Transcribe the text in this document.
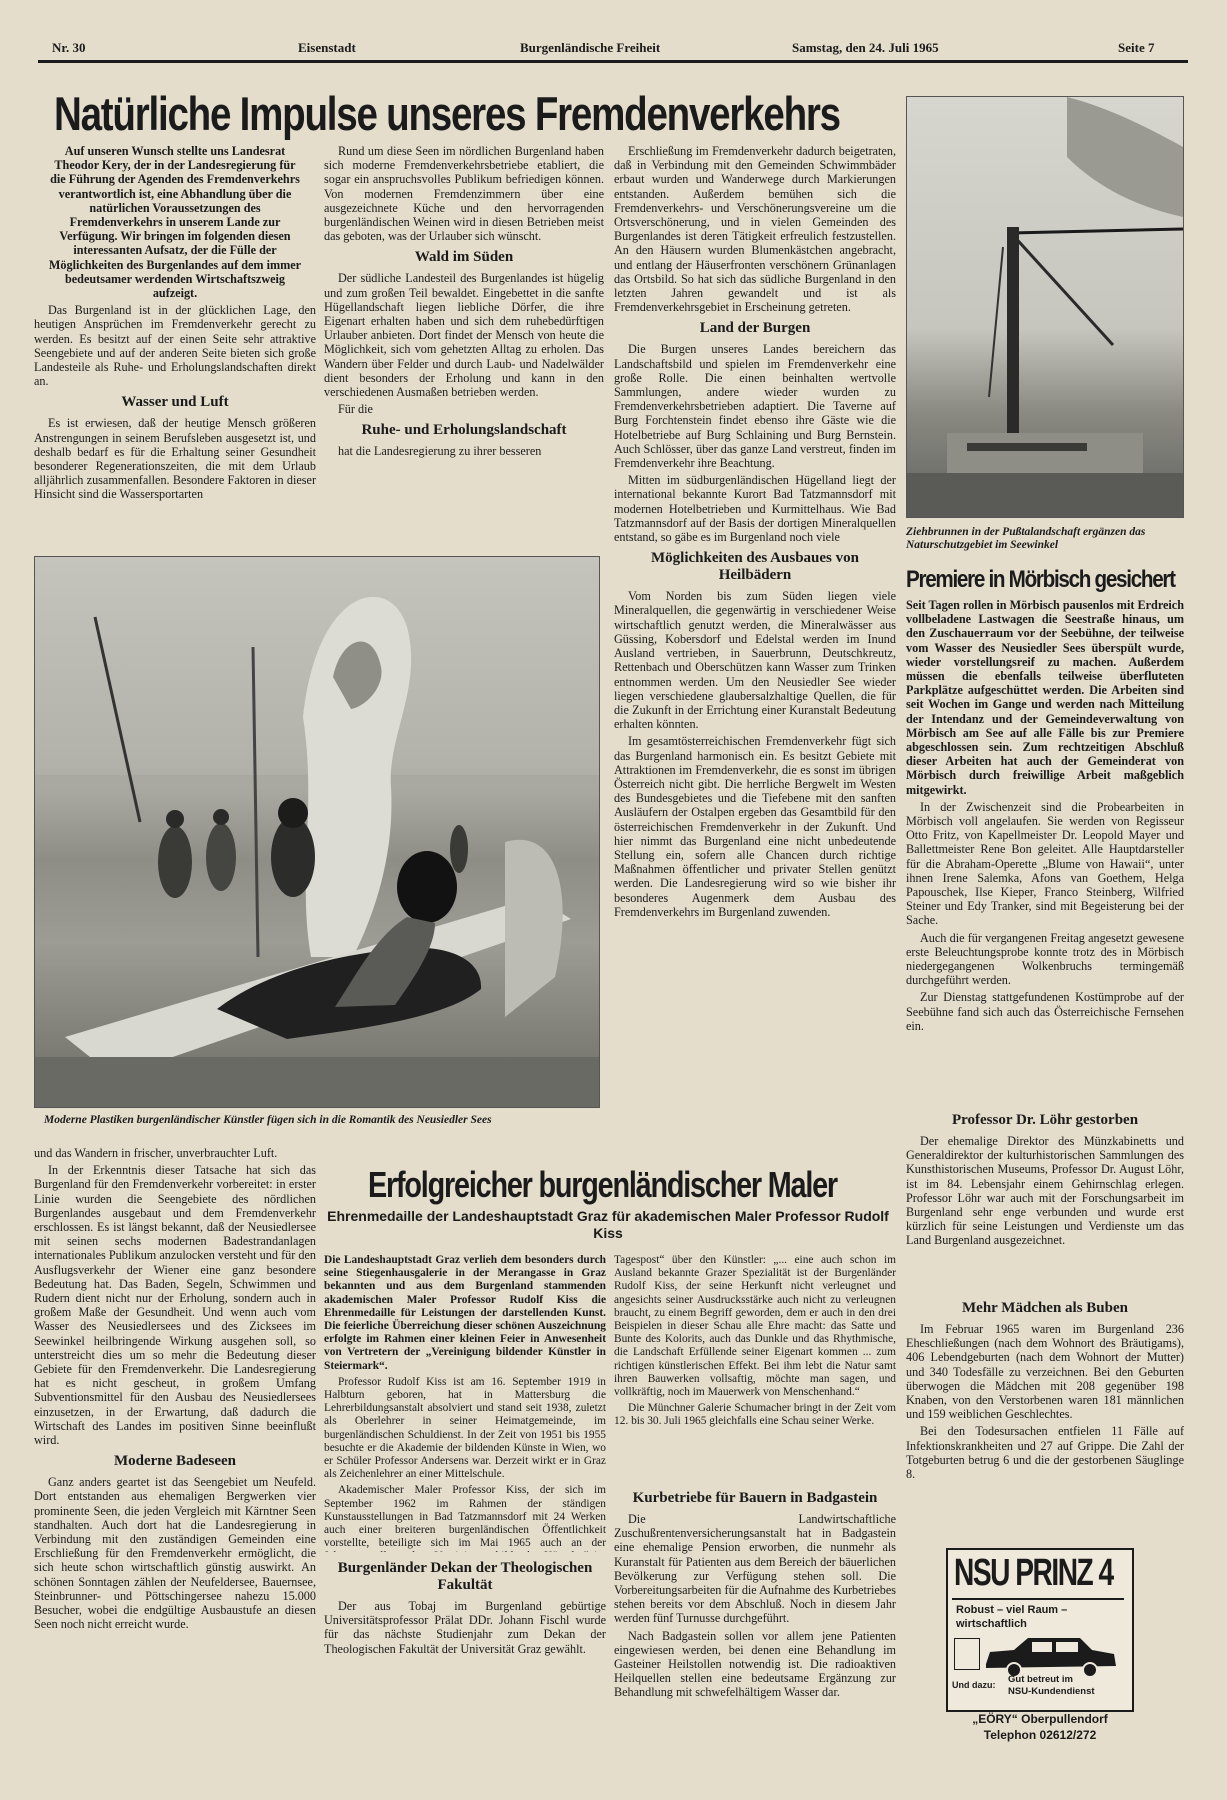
Nr. 30	Eisenstadt	Burgenländische Freiheit	Samstag, den 24. Juli 1965	Seite 7
Natürliche Impulse unseres Fremdenverkehrs

Auf unseren Wunsch stellte uns Landesrat Theodor Kery, der in der Landesregierung für die Führung der Agenden des Fremdenverkehrs verantwortlich ist, eine Abhandlung über die natürlichen Voraussetzungen des Fremdenverkehrs in unserem Lande zur Verfügung. Wir bringen im folgenden diesen interessanten Aufsatz, der die Fülle der Möglichkeiten des Burgenlandes auf dem immer bedeutsamer werdenden Wirtschaftszweig aufzeigt.

Das Burgenland ist in der glücklichen Lage, den heutigen Ansprüchen im Fremdenverkehr gerecht zu werden. Es besitzt auf der einen Seite sehr attraktive Seengebiete und auf der anderen Seite bieten sich große Landesteile als Ruhe- und Erholungslandschaften direkt an.

Wasser und Luft

Es ist erwiesen, daß der heutige Mensch größeren Anstrengungen in seinem Berufsleben ausgesetzt ist, und deshalb bedarf es für die Erhaltung seiner Gesundheit besonderer Regenerationszeiten, die mit dem Urlaub alljährlich zusammenfallen. Besondere Faktoren in dieser Hinsicht sind die Wassersportarten

Rund um diese Seen im nördlichen Burgenland haben sich moderne Fremdenverkehrsbetriebe etabliert, die sogar ein anspruchsvolles Publikum befriedigen können. Von modernen Fremdenzimmern über eine ausgezeichnete Küche und den hervorragenden burgenländischen Weinen wird in diesen Betrieben meist das geboten, was der Urlauber sich wünscht.

Wald im Süden

Der südliche Landesteil des Burgenlandes ist hügelig und zum großen Teil bewaldet. Eingebettet in die sanfte Hügellandschaft liegen liebliche Dörfer, die ihre Eigenart erhalten haben und sich dem ruhebedürftigen Urlauber anbieten. Dort findet der Mensch von heute die Möglichkeit, sich vom gehetzten Alltag zu erholen. Das Wandern über Felder und durch Laub- und Nadelwälder dient besonders der Erholung und kann in den verschiedenen Ausmaßen betrieben werden.

Für die

Ruhe- und Erholungslandschaft

hat die Landesregierung zu ihrer besseren

Erschließung im Fremdenverkehr dadurch beigetraten, daß in Verbindung mit den Gemeinden Schwimmbäder erbaut wurden und Wanderwege durch Markierungen entstanden. Außerdem bemühen sich die Fremdenverkehrs- und Verschönerungsvereine um die Ortsverschönerung, und in vielen Gemeinden des Burgenlandes ist deren Tätigkeit erfreulich festzustellen. An den Häusern wurden Blumenkästchen angebracht, und entlang der Häuserfronten verschönern Grünanlagen das Ortsbild. So hat sich das südliche Burgenland in den letzten Jahren gewandelt und ist als Fremdenverkehrsgebiet in Erscheinung getreten.

Land der Burgen

Die Burgen unseres Landes bereichern das Landschaftsbild und spielen im Fremdenverkehr eine große Rolle. Die einen beinhalten wertvolle Sammlungen, andere wieder wurden zu Fremdenverkehrsbetrieben adaptiert. Die Taverne auf Burg Forchtenstein findet ebenso ihre Gäste wie die Hotelbetriebe auf Burg Schlaining und Burg Bernstein. Auch Schlösser, über das ganze Land verstreut, finden im Fremdenverkehr ihre Beachtung.

Mitten im südburgenländischen Hügelland liegt der international bekannte Kurort Bad Tatzmannsdorf mit modernen Hotelbetrieben und Kurmittelhaus. Wie Bad Tatzmannsdorf auf der Basis der dortigen Mineralquellen entstand, so gäbe es im Burgenland noch viele

Möglichkeiten des Ausbaues von Heilbädern

Vom Norden bis zum Süden liegen viele Mineralquellen, die gegenwärtig in verschiedener Weise wirtschaftlich genutzt werden, die Mineralwässer aus Güssing, Kobersdorf und Edelstal werden im Inund Ausland vertrieben, in Sauerbrunn, Deutschkreutz, Rettenbach und Oberschützen kann Wasser zum Trinken entnommen werden. Um den Neusiedler See wieder liegen verschiedene glaubersalzhaltige Quellen, die für die Zukunft in der Errichtung einer Kuranstalt Bedeutung erhalten könnten.

Im gesamtösterreichischen Fremdenverkehr fügt sich das Burgenland harmonisch ein. Es besitzt Gebiete mit Attraktionen im Fremdenverkehr, die es sonst im übrigen Österreich nicht gibt. Die herrliche Bergwelt im Westen des Bundesgebietes und die Tiefebene mit den sanften Ausläufern der Ostalpen ergeben das Gesamtbild für den österreichischen Fremdenverkehr in der Zukunft. Und hier nimmt das Burgenland eine nicht unbedeutende Stellung ein, sofern alle Chancen durch richtige Maßnahmen öffentlicher und privater Stellen genützt werden. Die Landesregierung wird so wie bisher ihr besonderes Augenmerk dem Ausbau des Fremdenverkehrs im Burgenland zuwenden.

Moderne Plastiken burgenländischer Künstler fügen sich in die Romantik des Neusiedler Sees
Ziehbrunnen in der Pußtalandschaft ergänzen das Naturschutzgebiet im Seewinkel
Premiere in Mörbisch gesichert

Seit Tagen rollen in Mörbisch pausenlos mit Erdreich vollbeladene Lastwagen die Seestraße hinaus, um den Zuschauerraum vor der Seebühne, der teilweise vom Wasser des Neusiedler Sees überspült wurde, wieder vorstellungsreif zu machen. Außerdem müssen die ebenfalls teilweise überfluteten Parkplätze aufgeschüttet werden. Die Arbeiten sind seit Wochen im Gange und werden nach Mitteilung der Intendanz und der Gemeindeverwaltung von Mörbisch am See auf alle Fälle bis zur Premiere abgeschlossen sein. Zum rechtzeitigen Abschluß dieser Arbeiten hat auch der Gemeinderat von Mörbisch durch freiwillige Arbeit maßgeblich mitgewirkt.

In der Zwischenzeit sind die Probearbeiten in Mörbisch voll angelaufen. Sie werden von Regisseur Otto Fritz, von Kapellmeister Dr. Leopold Mayer und Ballettmeister Rene Bon geleitet. Alle Hauptdarsteller für die Abraham-Operette „Blume von Hawaii“, unter ihnen Irene Salemka, Afons van Goethem, Helga Papouschek, Ilse Kieper, Franco Steinberg, Wilfried Steiner und Edy Tranker, sind mit Begeisterung bei der Sache.

Auch die für vergangenen Freitag angesetzt gewesene erste Beleuchtungsprobe konnte trotz des in Mörbisch niedergegangenen Wolkenbruchs termingemäß durchgeführt werden.

Zur Dienstag stattgefundenen Kostümprobe auf der Seebühne fand sich auch das Österreichische Fernsehen ein.

Professor Dr. Löhr gestorben

Der ehemalige Direktor des Münzkabinetts und Generaldirektor der kulturhistorischen Sammlungen des Kunsthistorischen Museums, Professor Dr. August Löhr, ist im 84. Lebensjahr einem Gehirnschlag erlegen. Professor Löhr war auch mit der Forschungsarbeit im Burgenland sehr enge verbunden und wurde erst kürzlich für seine Leistungen und Verdienste um das Land Burgenland ausgezeichnet.

Mehr Mädchen als Buben

Im Februar 1965 waren im Burgenland 236 Eheschließungen (nach dem Wohnort des Bräutigams), 406 Lebendgeburten (nach dem Wohnort der Mutter) und 340 Todesfälle zu verzeichnen. Bei den Geburten überwogen die Mädchen mit 208 gegenüber 198 Knaben, von den Verstorbenen waren 181 männlichen und 159 weiblichen Geschlechtes.

Bei den Todesursachen entfielen 11 Fälle auf Infektionskrankheiten und 27 auf Grippe. Die Zahl der Totgeburten betrug 6 und die der gestorbenen Säuglinge 8.

NSU PRINZ 4
Robust – viel Raum –
wirtschaftlich
Und dazu: Gut betreut im
NSU-Kundendienst
„EÖRY“ Oberpullendorf
Telephon 02612/272

und das Wandern in frischer, unverbrauchter Luft.

In der Erkenntnis dieser Tatsache hat sich das Burgenland für den Fremdenverkehr vorbereitet: in erster Linie wurden die Seengebiete des nördlichen Burgenlandes ausgebaut und dem Fremdenverkehr erschlossen. Es ist längst bekannt, daß der Neusiedlersee mit seinen sechs modernen Badestrandanlagen internationales Publikum anzulocken versteht und für den Ausflugsverkehr der Wiener eine ganz besondere Bedeutung hat. Das Baden, Segeln, Schwimmen und Rudern dient nicht nur der Erholung, sondern auch in großem Maße der Gesundheit. Und wenn auch vom Wasser des Neusiedlersees und des Zicksees im Seewinkel heilbringende Wirkung ausgehen soll, so unterstreicht dies um so mehr die Bedeutung dieser Gebiete für den Fremdenverkehr. Die Landesregierung hat es nicht gescheut, in großem Umfang Subventionsmittel für den Ausbau des Neusiedlersees einzusetzen, in der Erwartung, daß dadurch die Wirtschaft des Landes im positiven Sinne beeinflußt wird.

Moderne Badeseen

Ganz anders geartet ist das Seengebiet um Neufeld. Dort entstanden aus ehemaligen Bergwerken vier prominente Seen, die jeden Vergleich mit Kärntner Seen standhalten. Auch dort hat die Landesregierung in Verbindung mit den zuständigen Gemeinden eine Erschließung für den Fremdenverkehr ermöglicht, die sich heute schon wirtschaftlich günstig auswirkt. An schönen Sonntagen zählen der Neufeldersee, Bauernsee, Steinbrunner- und Pöttschingersee nahezu 15.000 Besucher, wobei die endgültige Ausbaustufe an diesen Seen noch nicht erreicht wurde.

Erfolgreicher burgenländischer Maler
Ehrenmedaille der Landeshauptstadt Graz für akademischen Maler Professor Rudolf Kiss

Die Landeshauptstadt Graz verlieh dem besonders durch seine Stiegenhausgalerie in der Merangasse in Graz bekannten und aus dem Burgenland stammenden akademischen Maler Professor Rudolf Kiss die Ehrenmedaille für Leistungen der darstellenden Kunst. Die feierliche Überreichung dieser schönen Auszeichnung erfolgte im Rahmen einer kleinen Feier in Anwesenheit von Vertretern der „Vereinigung bildender Künstler in Steiermark“.

Professor Rudolf Kiss ist am 16. September 1919 in Halbturn geboren, hat in Mattersburg die Lehrerbildungsanstalt absolviert und stand seit 1938, zuletzt als Oberlehrer in seiner Heimatgemeinde, im burgenländischen Schuldienst. In der Zeit von 1951 bis 1955 besuchte er die Akademie der bildenden Künste in Wien, wo er Schüler Professor Andersens war. Derzeit wirkt er in Graz als Zeichenlehrer an einer Mittelschule.

Akademischer Maler Professor Kiss, der sich im September 1962 im Rahmen der ständigen Kunstausstellungen in Bad Tatzmannsdorf mit 24 Werken auch einer breiteren burgenländischen Öffentlichkeit vorstellte, beteiligte sich im Mai 1965 auch an der

Tagespost“ über den Künstler: „... eine auch schon im Ausland bekannte Grazer Spezialität ist der Burgenländer Rudolf Kiss, der seine Herkunft nicht verleugnet und angesichts seiner Ausdrucksstärke auch nicht zu verleugnen braucht, zu einem Begriff geworden, dem er auch in den drei Beispielen in dieser Schau alle Ehre macht: das Satte und Bunte des Kolorits, auch das Dunkle und das Rhythmische, die Landschaft Erfüllende seiner Eigenart kommen ... zum richtigen künstlerischen Effekt. Bei ihm lebt die Natur samt ihren Bauwerken vollsaftig, möchte man sagen, und vollkräftig, noch im Mauerwerk von Menschenhand.“

Die Münchner Galerie Schumacher bringt in der Zeit vom 12. bis 30. Juli 1965 gleichfalls eine Schau seiner Werke.

Burgenländer Dekan der Theologischen Fakultät

Der aus Tobaj im Burgenland gebürtige Universitätsprofessor Prälat DDr. Johann Fischl wurde für das nächste Studienjahr zum Dekan der Theologischen Fakultät der Universität Graz gewählt.

Kurbetriebe für Bauern in Badgastein

Die Landwirtschaftliche Zuschußrentenversicherungsanstalt hat in Badgastein eine ehemalige Pension erworben, die nunmehr als Kuranstalt für Patienten aus dem Bereich der bäuerlichen Bevölkerung zur Verfügung stehen soll. Die Vorbereitungsarbeiten für die Aufnahme des Kurbetriebes stehen bereits vor dem Abschluß. Noch in diesem Jahr werden fünf Turnusse durchgeführt.

Nach Badgastein sollen vor allem jene Patienten eingewiesen werden, bei denen eine Behandlung im Gasteiner Heilstollen notwendig ist. Die radioaktiven Heilquellen stellen eine bedeutsame Ergänzung zur Behandlung mit schwefelhältigem Wasser dar.
